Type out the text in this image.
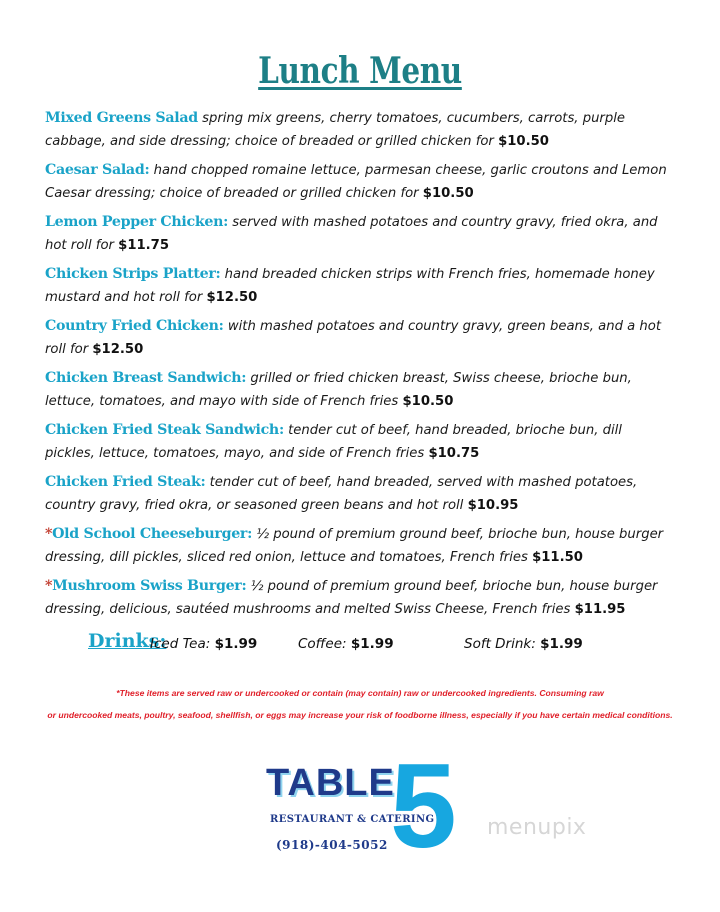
Lunch Menu
Mixed Greens Salad spring mix greens, cherry tomatoes, cucumbers, carrots, purple cabbage, and side dressing; choice of breaded or grilled chicken for $10.50
Caesar Salad: hand chopped romaine lettuce, parmesan cheese, garlic croutons and Lemon Caesar dressing; choice of breaded or grilled chicken for $10.50
Lemon Pepper Chicken: served with mashed potatoes and country gravy, fried okra, and hot roll for $11.75
Chicken Strips Platter: hand breaded chicken strips with French fries, homemade honey mustard and hot roll for $12.50
Country Fried Chicken: with mashed potatoes and country gravy, green beans, and a hot roll for $12.50
Chicken Breast Sandwich: grilled or fried chicken breast, Swiss cheese, brioche bun, lettuce, tomatoes, and mayo with side of French fries $10.50
Chicken Fried Steak Sandwich: tender cut of beef, hand breaded, brioche bun, dill pickles, lettuce, tomatoes, mayo, and side of French fries $10.75
Chicken Fried Steak: tender cut of beef, hand breaded, served with mashed potatoes, country gravy, fried okra, or seasoned green beans and hot roll $10.95
*Old School Cheeseburger: ½ pound of premium ground beef, brioche bun, house burger dressing, dill pickles, sliced red onion, lettuce and tomatoes, French fries $11.50
*Mushroom Swiss Burger: ½ pound of premium ground beef, brioche bun, house burger dressing, delicious, sautéed mushrooms and melted Swiss Cheese, French fries $11.95
Drinks:
Iced Tea: $1.99	Coffee: $1.99	Soft Drink: $1.99
*These items are served raw or undercooked or contain (may contain) raw or undercooked ingredients. Consuming raw
or undercooked meats, poultry, seafood, shellfish, or eggs may increase your risk of foodborne illness, especially if you have certain medical conditions.
5
TABLE
RESTAURANT & CATERING
(918)-404-5052
menupix
